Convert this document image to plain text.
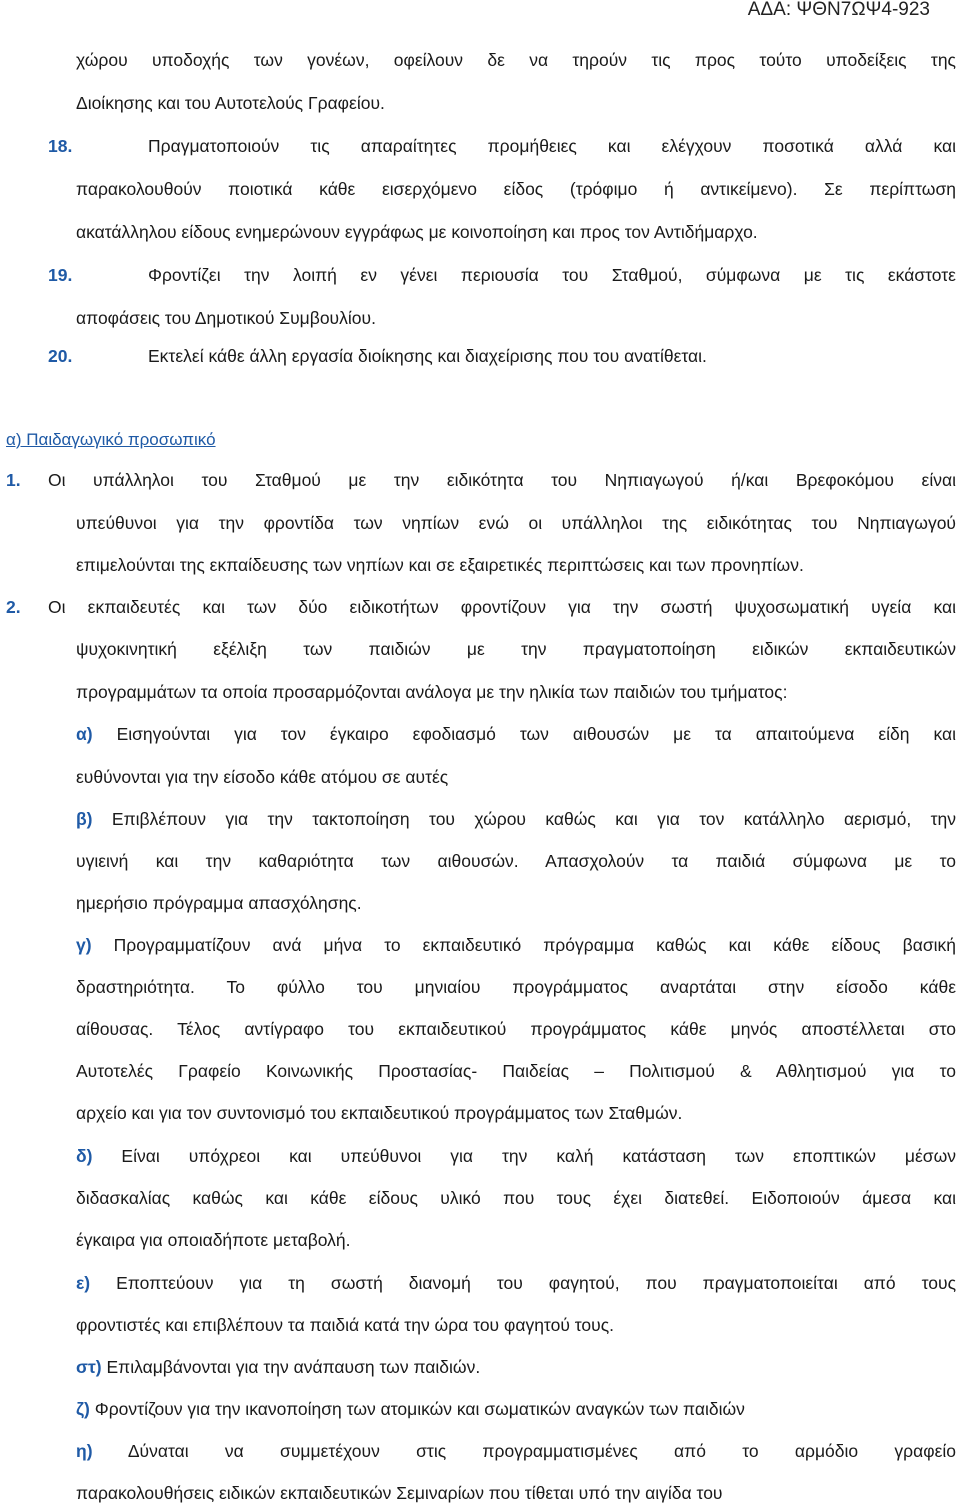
ΑΔΑ: ΨΘΝ7ΩΨ4-923
χώρου υποδοχής των γονέων, οφείλουν δε να τηρούν τις προς τούτο υποδείξεις της
Διοίκησης και του Αυτοτελούς Γραφείου.
18.	Πραγματοποιούν τις απαραίτητες προμήθειες και ελέγχουν ποσοτικά αλλά και
παρακολουθούν ποιοτικά κάθε εισερχόμενο είδος (τρόφιμο ή αντικείμενο). Σε περίπτωση
ακατάλληλου είδους ενημερώνουν εγγράφως με κοινοποίηση και προς τον Αντιδήμαρχο.
19.	Φροντίζει την λοιπή εν γένει περιουσία του Σταθμού, σύμφωνα με τις εκάστοτε
αποφάσεις του Δημοτικού Συμβουλίου.
20.	Εκτελεί κάθε άλλη εργασία διοίκησης και διαχείρισης που του ανατίθεται.
α) Παιδαγωγικό προσωπικό
1. Οι υπάλληλοι του Σταθμού με την ειδικότητα του Νηπιαγωγού ή/και Βρεφοκόμου είναι
υπεύθυνοι για την φροντίδα των νηπίων ενώ οι υπάλληλοι της ειδικότητας του Νηπιαγωγού
επιμελούνται της εκπαίδευσης των νηπίων και σε εξαιρετικές περιπτώσεις και των προνηπίων.
2. Οι εκπαιδευτές και των δύο ειδικοτήτων φροντίζουν για την σωστή ψυχοσωματική υγεία και
ψυχοκινητική εξέλιξη των παιδιών με την πραγματοποίηση ειδικών εκπαιδευτικών
προγραμμάτων τα οποία προσαρμόζονται ανάλογα με την ηλικία των παιδιών του τμήματος:
α) Εισηγούνται για τον έγκαιρο εφοδιασμό των αιθουσών με τα απαιτούμενα είδη και
ευθύνονται για την είσοδο κάθε ατόμου σε αυτές
β) Επιβλέπουν για την τακτοποίηση του χώρου καθώς και για τον κατάλληλο αερισμό, την
υγιεινή και την καθαριότητα των αιθουσών. Απασχολούν τα παιδιά σύμφωνα με το
ημερήσιο πρόγραμμα απασχόλησης.
γ) Προγραμματίζουν ανά μήνα το εκπαιδευτικό πρόγραμμα καθώς και κάθε είδους βασική
δραστηριότητα. Το φύλλο του μηνιαίου προγράμματος αναρτάται στην είσοδο κάθε
αίθουσας. Τέλος αντίγραφο του εκπαιδευτικού προγράμματος κάθε μηνός αποστέλλεται στο
Αυτοτελές Γραφείο Κοινωνικής Προστασίας- Παιδείας – Πολιτισμού & Αθλητισμού για το
αρχείο και για τον συντονισμό του εκπαιδευτικού προγράμματος των Σταθμών.
δ) Είναι υπόχρεοι και υπεύθυνοι για την καλή κατάσταση των εποπτικών μέσων
διδασκαλίας καθώς και κάθε είδους υλικό που τους έχει διατεθεί. Ειδοποιούν άμεσα και
έγκαιρα για οποιαδήποτε μεταβολή.
ε) Εποπτεύουν για τη σωστή διανομή του φαγητού, που πραγματοποιείται από τους
φροντιστές και επιβλέπουν τα παιδιά κατά την ώρα του φαγητού τους.
στ) Επιλαμβάνονται για την ανάπαυση των παιδιών.
ζ) Φροντίζουν για την ικανοποίηση των ατομικών και σωματικών αναγκών των παιδιών
η) Δύναται να συμμετέχουν στις προγραμματισμένες από το αρμόδιο γραφείο
παρακολουθήσεις ειδικών εκπαιδευτικών Σεμιναρίων που τίθεται υπό την αιγίδα του
